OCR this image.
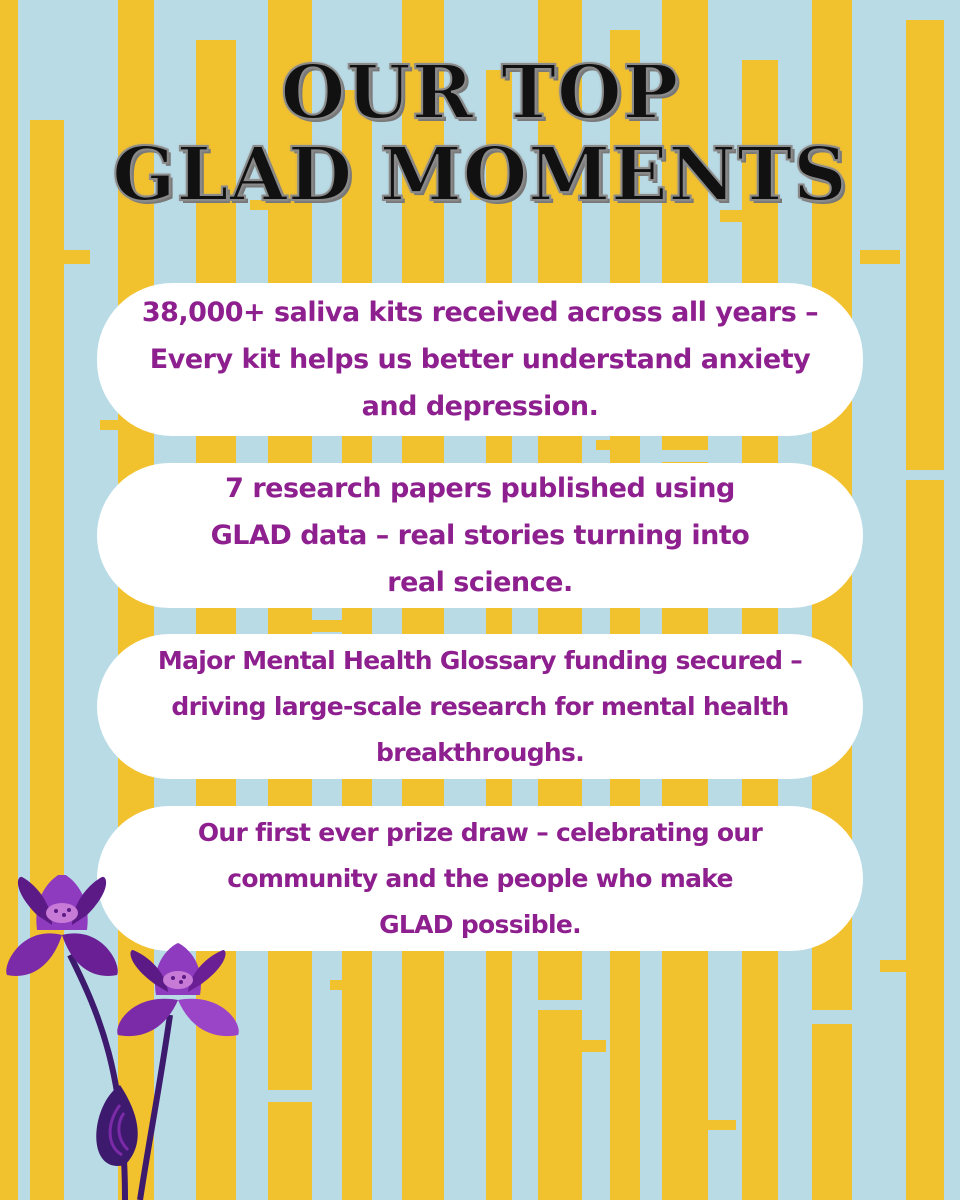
OUR TOP
GLAD MOMENTS

38,000+ saliva kits received across all years – Every kit helps us better understand anxiety and depression.

7 research papers published using GLAD data – real stories turning into real science.

Major Mental Health Glossary funding secured – driving large-scale research for mental health breakthroughs.

Our first ever prize draw – celebrating our community and the people who make GLAD possible.
